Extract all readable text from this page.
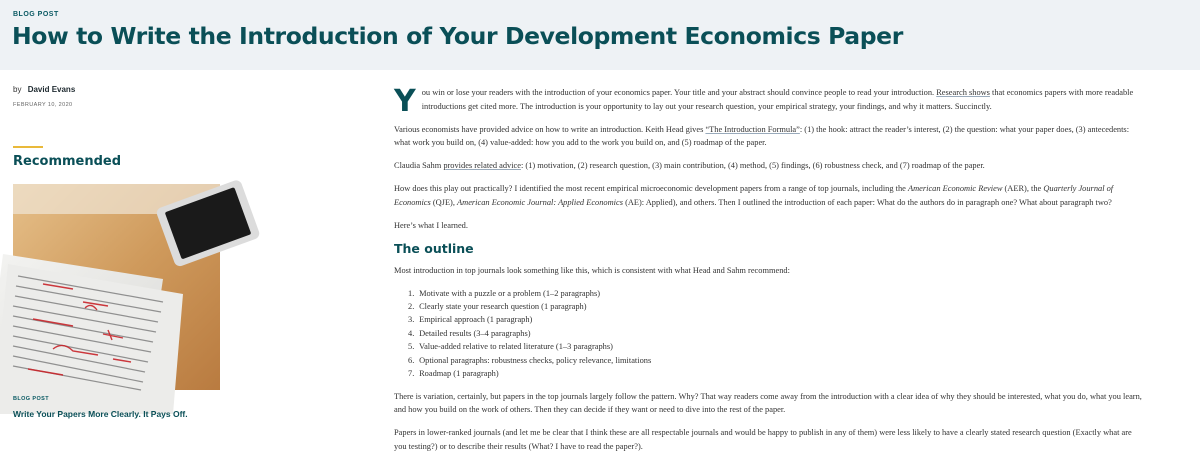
BLOG POST
How to Write the Introduction of Your Development Economics Paper
by David Evans
FEBRUARY 10, 2020
Recommended
BLOG POST
Write Your Papers More Clearly. It Pays Off.

You win or lose your readers with the introduction of your economics paper. Your title and your abstract should convince people to read your introduction. Research shows that economics papers with more readable introductions get cited more. The introduction is your opportunity to lay out your research question, your empirical strategy, your findings, and why it matters. Succinctly.

Various economists have provided advice on how to write an introduction. Keith Head gives “The Introduction Formula”: (1) the hook: attract the reader’s interest, (2) the question: what your paper does, (3) antecedents: what work you build on, (4) value-added: how you add to the work you build on, and (5) roadmap of the paper.

Claudia Sahm provides related advice: (1) motivation, (2) research question, (3) main contribution, (4) method, (5) findings, (6) robustness check, and (7) roadmap of the paper.

How does this play out practically? I identified the most recent empirical microeconomic development papers from a range of top journals, including the American Economic Review (AER), the Quarterly Journal of Economics (QJE), American Economic Journal: Applied Economics (AE): Applied), and others. Then I outlined the introduction of each paper: What do the authors do in paragraph one? What about paragraph two?

Here’s what I learned.

The outline

Most introduction in top journals look something like this, which is consistent with what Head and Sahm recommend:

1. Motivate with a puzzle or a problem (1–2 paragraphs)
2. Clearly state your research question (1 paragraph)
3. Empirical approach (1 paragraph)
4. Detailed results (3–4 paragraphs)
5. Value-added relative to related literature (1–3 paragraphs)
6. Optional paragraphs: robustness checks, policy relevance, limitations
7. Roadmap (1 paragraph)

There is variation, certainly, but papers in the top journals largely follow the pattern. Why? That way readers come away from the introduction with a clear idea of why they should be interested, what you do, what you learn, and how you build on the work of others. Then they can decide if they want or need to dive into the rest of the paper.

Papers in lower-ranked journals (and let me be clear that I think these are all respectable journals and would be happy to publish in any of them) were less likely to have a clearly stated research question (Exactly what are you testing?) or to describe their results (What? I have to read the paper?).
